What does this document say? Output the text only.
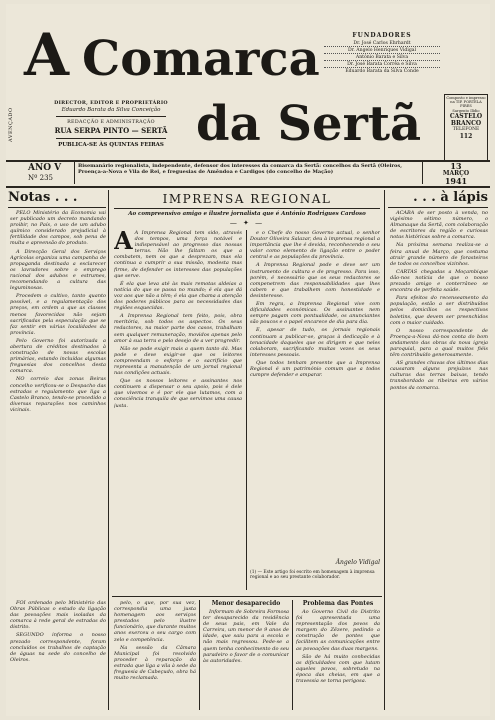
AVENÇADO
A Comarca
da Sertã
DIRECTOR, EDITOR E PROPRIETÁRIO
Eduardo Barata da Silva Conceição
REDACÇÃO E ADMINISTRAÇÃO
RUA SERPA PINTO — SERTÃ
PUBLICA-SE ÀS QUINTAS FEIRAS
FUNDADORES
Dr. José Carlos Ehrhardt
Dr. Angelo Henriques Vidigal
António Barata e Silva
Dr. José Barata Corrêa e Silva
Eduardo Barata da Silva Conde
Composto e impresso
na TIP. PORTELA PIRES
Sargento Ilídio
CASTELO
BRANCO
TELEFONE
112
ANO V
Nº 235
Bisemanário regionalista, independente, defensor dos interesses da comarca da Sertã: concelhos da Sertã (Oleiros, Proença-a-Nova e Vila de Rei, e freguesias de Amêndoa e Cardigos (do concelho de Mação)
13
MARÇO
1941
Notas . . .

PELO Ministério da Economia vai ser publicado um decreto mandando proibir, no País, o uso de um adubo químico considerado prejudicial à fertilidade dos campos, sob pena de multa e apreensão do produto.

A Direcção Geral dos Serviços Agrícolas organiza uma campanha de propaganda destinada a esclarecer os lavradores sobre o emprego racional dos adubos e estrumes, recomendando a cultura das leguminosas.

Procedem o cultivo, tanto quanto possível, e a regulamentação dos preços, em ordem a que as classes menos favorecidas não sejam sacrificadas pela especulação que se faz sentir em várias localidades da província.

Pelo Governo foi autorizada a abertura de créditos destinados à construção de novas escolas primárias, estando incluídas algumas freguesias dos concelhos desta comarca.

NO correio das zonas Beiras concelho verificou-se o Despacho das estradas e regulamento que liga a Castelo Branco, tendo-se procedido a diversas reparações nos caminhos vicinais.

FOI ordenado pelo Ministério das Obras Públicas o estudo da ligação das povoações mais isoladas da comarca à rede geral de estradas do distrito.

SEGUNDO informa o nosso prezado correspondente, foram concluídos os trabalhos de captação de águas na sede do concelho de Oleiros.

IMPRENSA REGIONAL
Ao compreensivo amigo e ilustre jornalista que é António Rodrigues Cardoso
— ✦ —

A A Imprensa Regional tem sido, através dos tempos, uma força notável e indispensável ao progresso das nossas terras. Não lhe faltam os que a combatem, nem os que a desprezam, mas ela continua a cumprir a sua missão, modesta mas firme, de defender os interesses das populações que serve.

É ela que leva até às mais remotas aldeias a notícia do que se passa no mundo; é ela que dá voz aos que não a têm; é ela que chama a atenção dos poderes públicos para as necessidades das regiões esquecidas.

A Imprensa Regional tem feito, pois, obra meritória, sob todos os aspectos. Os seus redactores, na maior parte dos casos, trabalham sem qualquer remuneração, movidos apenas pelo amor à sua terra e pelo desejo de a ver progredir.

Não se pode exigir mais a quem tanto dá. Mas pode e deve exigir-se que os leitores compreendam o esforço e o sacrifício que representa a manutenção de um jornal regional nas condições actuais.

Que os nossos leitores e assinantes nos continuem a dispensar o seu apoio, pois é dele que vivemos e é por ele que lutamos, com a consciência tranquila de que servimos uma causa justa.

e o Chefe do nosso Governo actual, o senhor Doutor Oliveira Salazar, deu à imprensa regional a importância que lhe é devida, reconhecendo o seu valor como elemento de ligação entre o poder central e as populações da província.

A Imprensa Regional pode e deve ser um instrumento de cultura e de progresso. Para isso, porém, é necessário que os seus redactores se compenetrem das responsabilidades que lhes cabem e que trabalhem com honestidade e desinteresse.

Em regra, a Imprensa Regional vive com dificuldades económicas. Os assinantes nem sempre pagam com pontualidade, os anunciantes são poucos e o papel encarece de dia para dia.

E, apesar de tudo, os jornais regionais continuam a publicar-se, graças à dedicação e à tenacidade daqueles que os dirigem e que neles colaboram, sacrificando muitas vezes os seus interesses pessoais.

Que todos tenham presente que a Imprensa Regional é um património comum que a todos cumpre defender e amparar.

Ângelo Vidigal
(1) — Este artigo foi escrito em homenagem à imprensa regional e ao seu prestante colaborador.
. . . à lápis

ACABA de ser posto à venda, no vigésimo sétimo número, o Almanaque da Sertã, com colaboração de escritores da região e curiosas notas históricas sobre a comarca.

Na próxima semana realiza-se a feira anual de Março, que costuma atrair grande número de forasteiros de todos os concelhos vizinhos.

CARTAS chegadas a Moçambique dão-nos notícia de que o nosso prezado amigo e conterrâneo se encontra de perfeita saúde.

Para efeitos do recenseamento da população, estão a ser distribuídos pelos domicílios os respectivos boletins, que devem ser preenchidos com o maior cuidado.

O nosso correspondente de Proença-a-Nova dá-nos conta do bom andamento das obras da nova igreja paroquial, para a qual muitos fiéis têm contribuído generosamente.

AS grandes chuvas dos últimos dias causaram alguns prejuízos nas culturas das terras baixas, tendo transbordado as ribeiras em vários pontos da comarca.

pelo, o que, por sua vez, correspondia uma justa homenagem aos serviços prestados pelo ilustre funcionário, que durante muitos anos exerceu o seu cargo com zelo e competência.

Na sessão da Câmara Municipal foi resolvido proceder à reparação da estrada que liga a vila à sede da freguesia de Cabeçudo, obra há muito reclamada.

Menor desaparecido

Informam de Sobreira Formosa ter desaparecido da residência de seus pais, em Vale da Carreira, um menor de 9 anos de idade, que saiu para a escola e não mais regressou. Pede-se a quem tenha conhecimento do seu paradeiro o favor de o comunicar às autoridades.

Problema das Pontes

Ao Governo Civil do Distrito foi apresentada uma representação dos povos da margem do Zêzere, pedindo a construção de pontes que facilitem as comunicações entre as povoações das duas margens.

São de há muito conhecidas as dificuldades com que lutam aqueles povos, sobretudo na época das cheias, em que a travessia se torna perigosa.
